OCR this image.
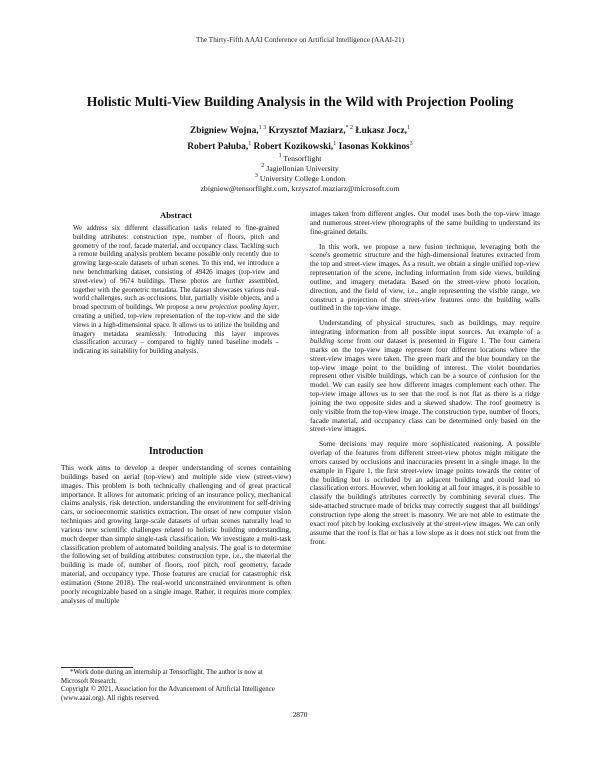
The Thirty-Fifth AAAI Conference on Artificial Intelligence (AAAI-21)
Holistic Multi-View Building Analysis in the Wild with Projection Pooling
Zbigniew Wojna,$^{1 3}$ Krzysztof Maziarz,$^{* 2}$ Łukasz Jocz,$^1$
Robert Pałuba,$^1$ Robert Kozikowski,$^1$ Iasonas Kokkinos$^3$
$^1$ Tensorflight
$^2$ Jagiellonian University
$^3$ University College London
zbigniew@tensorflight.com, krzysztof.maziarz@microsoft.com
Abstract
We address six different classification tasks related to fine-grained building attributes: construction type, number of floors, pitch and geometry of the roof, facade material, and occupancy class. Tackling such a remote building analysis problem became possible only recently due to growing large-scale datasets of urban scenes. To this end, we introduce a new benchmarking dataset, consisting of 49426 images (top-view and street-view) of 9674 buildings. These photos are further assembled, together with the geometric metadata. The dataset showcases various real-world challenges, such as occlusions, blur, partially visible objects, and a broad spectrum of buildings. We propose a new projection pooling layer, creating a unified, top-view representation of the top-view and the side views in a high-dimensional space. It allows us to utilize the building and imagery metadata seamlessly. Introducing this layer improves classification accuracy – compared to highly tuned baseline models – indicating its suitability for building analysis.
Introduction

This work aims to develop a deeper understanding of scenes containing buildings based on aerial (top-view) and multiple side view (street-view) images. This problem is both technically challenging and of great practical importance. It allows for automatic pricing of an insurance policy, mechanical claims analysis, risk detection, understanding the environment for self-driving cars, or socioeconomic statistics extraction. The onset of new computer vision techniques and growing large-scale datasets of urban scenes naturally lead to various new scientific challenges related to holistic building understanding, much deeper than simple single-task classification. We investigate a multi-task classification problem of automated building analysis. The goal is to determine the following set of building attributes: construction type, i.e., the material the building is made of, number of floors, roof pitch, roof geometry, facade material, and occupancy type. Those features are crucial for catastrophic risk estimation (Stone 2018). The real-world unconstrained environment is often poorly recognizable based on a single image. Rather, it requires more complex analyses of multiple

*Work done during an internship at Tensorflight. The author is now at Microsoft Research.

Copyright © 2021, Association for the Advancement of Artificial Intelligence (www.aaai.org). All rights reserved.

images taken from different angles. Our model uses both the top-view image and numerous street-view photographs of the same building to understand its fine-grained details.

In this work, we propose a new fusion technique, leveraging both the scene's geometric structure and the high-dimensional features extracted from the top and street-view images. As a result, we obtain a single unified top-view representation of the scene, including information from side views, building outline, and imagery metadata. Based on the street-view photo location, direction, and the field of view, i.e., angle representing the visible range, we construct a projection of the street-view features onto the building walls outlined in the top-view image.

Understanding of physical structures, such as buildings, may require integrating information from all possible input sources. An example of a building scene from our dataset is presented in Figure 1. The four camera marks on the top-view image represent four different locations where the street-view images were taken. The green mark and the blue boundary on the top-view image point to the building of interest. The violet boundaries represent other visible buildings, which can be a source of confusion for the model. We can easily see how different images complement each other. The top-view image allows us to see that the roof is not flat as there is a ridge joining the two opposite sides and a skewed shadow. The roof geometry is only visible from the top-view image. The construction type, number of floors, facade material, and occupancy class can be determined only based on the street-view images.

Some decisions may require more sophisticated reasoning. A possible overlap of the features from different street-view photos might mitigate the errors caused by occlusions and inaccuracies present in a single image. In the example in Figure 1, the first street-view image points towards the center of the building but is occluded by an adjacent building and could lead to classification errors. However, when looking at all four images, it is possible to classify the building's attributes correctly by combining several clues. The side-attached structure made of bricks may correctly suggest that all buildings' construction type along the street is masonry. We are not able to estimate the exact roof pitch by looking exclusively at the street-view images. We can only assume that the roof is flat or has a low slope as it does not stick out from the front.

2870
